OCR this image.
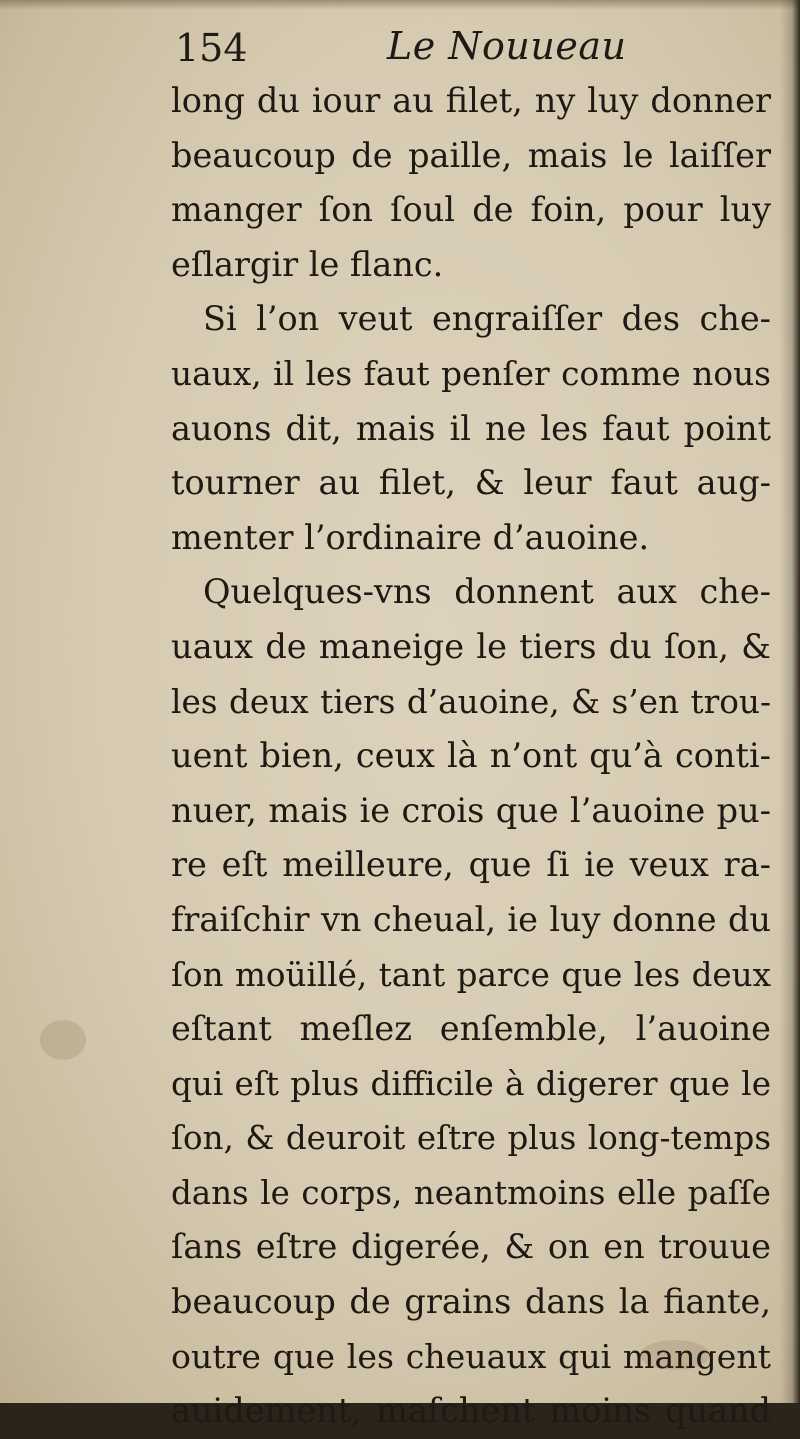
154	Le Nouueau
long du iour au filet, ny luy donner
beaucoup de paille, mais le laiſſer
manger ſon ſoul de foin, pour luy
eſlargir le flanc.
Si l’on veut engraiſſer des che-
uaux, il les faut penſer comme nous
auons dit, mais il ne les faut point
tourner au filet, & leur faut aug-
menter l’ordinaire d’auoine.
Quelques-vns donnent aux che-
uaux de maneige le tiers du ſon, &
les deux tiers d’auoine, & s’en trou-
uent bien, ceux là n’ont qu’à conti-
nuer, mais ie crois que l’auoine pu-
re eſt meilleure, que ſi ie veux ra-
fraiſchir vn cheual, ie luy donne du
ſon moüillé, tant parce que les deux
eſtant meſlez enſemble, l’auoine
qui eſt plus difficile à digerer que le
ſon, & deuroit eſtre plus long-temps
dans le corps, neantmoins elle paſſe
ſans eſtre digerée, & on en trouue
beaucoup de grains dans la fiante,
outre que les cheuaux qui mangent
auidement, maſchent moins quand
